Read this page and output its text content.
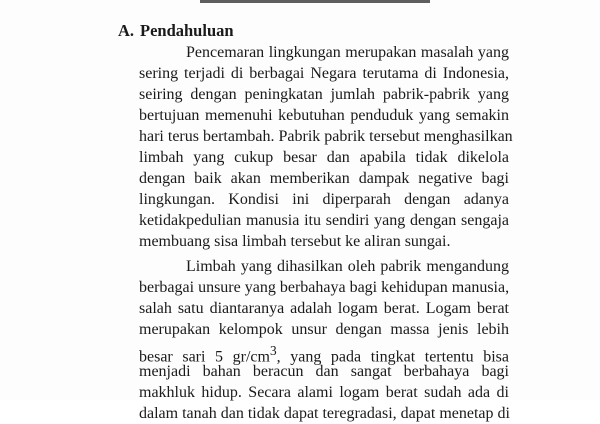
A. Pendahuluan
Pencemaran lingkungan merupakan masalah yang
sering terjadi di berbagai Negara terutama di Indonesia,
seiring dengan peningkatan jumlah pabrik-pabrik yang
bertujuan memenuhi kebutuhan penduduk yang semakin
hari terus bertambah. Pabrik pabrik tersebut menghasilkan
limbah yang cukup besar dan apabila tidak dikelola
dengan baik akan memberikan dampak negative bagi
lingkungan. Kondisi ini diperparah dengan adanya
ketidakpedulian manusia itu sendiri yang dengan sengaja
membuang sisa limbah tersebut ke aliran sungai.
Limbah yang dihasilkan oleh pabrik mengandung
berbagai unsure yang berbahaya bagi kehidupan manusia,
salah satu diantaranya adalah logam berat. Logam berat
merupakan kelompok unsur dengan massa jenis lebih
besar sari 5 $gr/cm^3$, yang pada tingkat tertentu bisa
menjadi bahan beracun dan sangat berbahaya bagi
makhluk hidup. Secara alami logam berat sudah ada di
dalam tanah dan tidak dapat teregradasi, dapat menetap di
